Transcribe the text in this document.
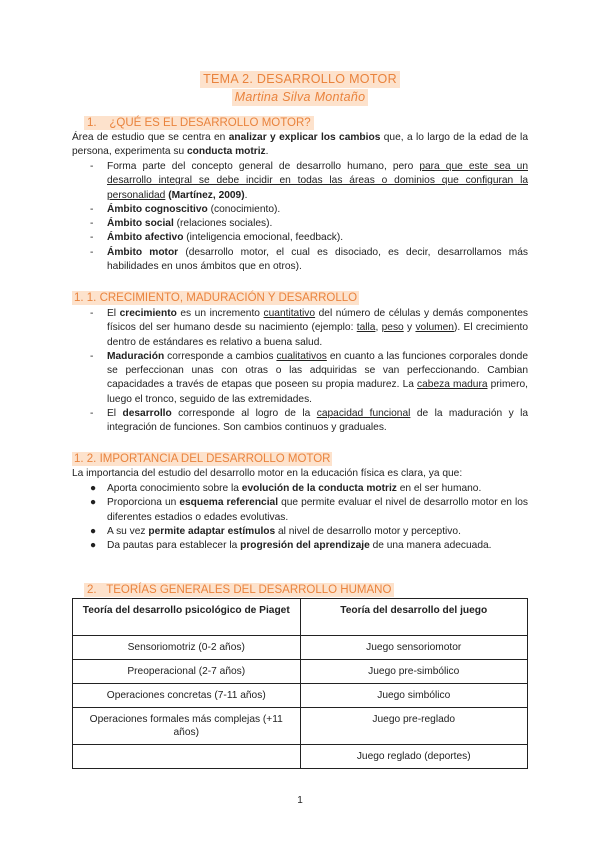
TEMA 2. DESARROLLO MOTOR
Martina Silva Montaño
1. ¿QUÉ ES EL DESARROLLO MOTOR?
Área de estudio que se centra en analizar y explicar los cambios que, a lo largo de la edad de la persona, experimenta su conducta motriz.
- Forma parte del concepto general de desarrollo humano, pero para que este sea un desarrollo integral se debe incidir en todas las áreas o dominios que configuran la personalidad (Martínez, 2009).
- Ámbito cognoscitivo (conocimiento).
- Ámbito social (relaciones sociales).
- Ámbito afectivo (inteligencia emocional, feedback).
- Ámbito motor (desarrollo motor, el cual es disociado, es decir, desarrollamos más habilidades en unos ámbitos que en otros).
1. 1. CRECIMIENTO, MADURACIÓN Y DESARROLLO
- El crecimiento es un incremento cuantitativo del número de células y demás componentes físicos del ser humano desde su nacimiento (ejemplo: talla, peso y volumen). El crecimiento dentro de estándares es relativo a buena salud.
- Maduración corresponde a cambios cualitativos en cuanto a las funciones corporales donde se perfeccionan unas con otras o las adquiridas se van perfeccionando. Cambian capacidades a través de etapas que poseen su propia madurez. La cabeza madura primero, luego el tronco, seguido de las extremidades.
- El desarrollo corresponde al logro de la capacidad funcional de la maduración y la integración de funciones. Son cambios continuos y graduales.
1. 2. IMPORTANCIA DEL DESARROLLO MOTOR
La importancia del estudio del desarrollo motor en la educación física es clara, ya que:
● Aporta conocimiento sobre la evolución de la conducta motriz en el ser humano.
● Proporciona un esquema referencial que permite evaluar el nivel de desarrollo motor en los diferentes estadios o edades evolutivas.
● A su vez permite adaptar estímulos al nivel de desarrollo motor y perceptivo.
● Da pautas para establecer la progresión del aprendizaje de una manera adecuada.
2. TEORÍAS GENERALES DEL DESARROLLO HUMANO
Teoría del desarrollo psicológico de Piaget	Teoría del desarrollo del juego
Sensoriomotriz (0-2 años)	Juego sensoriomotor
Preoperacional (2-7 años)	Juego pre-simbólico
Operaciones concretas (7-11 años)	Juego simbólico
Operaciones formales más complejas (+11 años)	Juego pre-reglado
	Juego reglado (deportes)
1
